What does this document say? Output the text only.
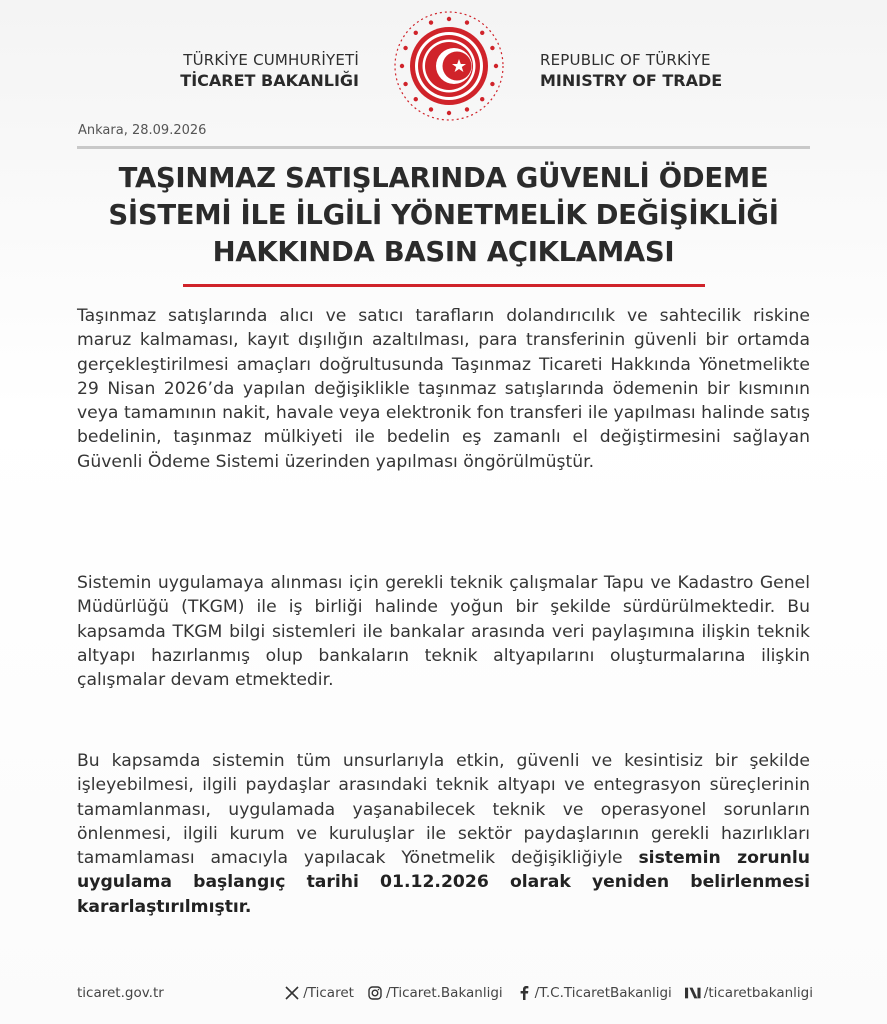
TÜRKİYE CUMHURİYETİ
TİCARET BAKANLIĞI
REPUBLIC OF TÜRKİYE
MINISTRY OF TRADE
Ankara, 28.09.2026
TAŞINMAZ SATIŞLARINDA GÜVENLİ ÖDEME
SİSTEMİ İLE İLGİLİ YÖNETMELİK DEĞİŞİKLİĞİ
HAKKINDA BASIN AÇIKLAMASI
Taşınmaz satışlarında alıcı ve satıcı tarafların dolandırıcılık ve sahtecilik riskine maruz kalmaması, kayıt dışılığın azaltılması, para transferinin güvenli bir ortamda gerçekleştirilmesi amaçları doğrultusunda Taşınmaz Ticareti Hakkında Yönetmelikte 29 Nisan 2026’da yapılan değişiklikle taşınmaz satışlarında ödemenin bir kısmının veya tamamının nakit, havale veya elektronik fon transferi ile yapılması halinde satış bedelinin, taşınmaz mülkiyeti ile bedelin eş zamanlı el değiştirmesini sağlayan Güvenli Ödeme Sistemi üzerinden yapılması öngörülmüştür.
Sistemin uygulamaya alınması için gerekli teknik çalışmalar Tapu ve Kadastro Genel Müdürlüğü (TKGM) ile iş birliği halinde yoğun bir şekilde sürdürülmektedir. Bu kapsamda TKGM bilgi sistemleri ile bankalar arasında veri paylaşımına ilişkin teknik altyapı hazırlanmış olup bankaların teknik altyapılarını oluşturmalarına ilişkin çalışmalar devam etmektedir.
Bu kapsamda sistemin tüm unsurlarıyla etkin, güvenli ve kesintisiz bir şekilde işleyebilmesi, ilgili paydaşlar arasındaki teknik altyapı ve entegrasyon süreçlerinin tamamlanması, uygulamada yaşanabilecek teknik ve operasyonel sorunların önlenmesi, ilgili kurum ve kuruluşlar ile sektör paydaşlarının gerekli hazırlıkları tamamlaması amacıyla yapılacak Yönetmelik değişikliğiyle sistemin zorunlu uygulama başlangıç tarihi 01.12.2026 olarak yeniden belirlenmesi kararlaştırılmıştır.
ticaret.gov.tr	/Ticaret /Ticaret.Bakanligi /T.C.TicaretBakanligi /ticaretbakanligi
